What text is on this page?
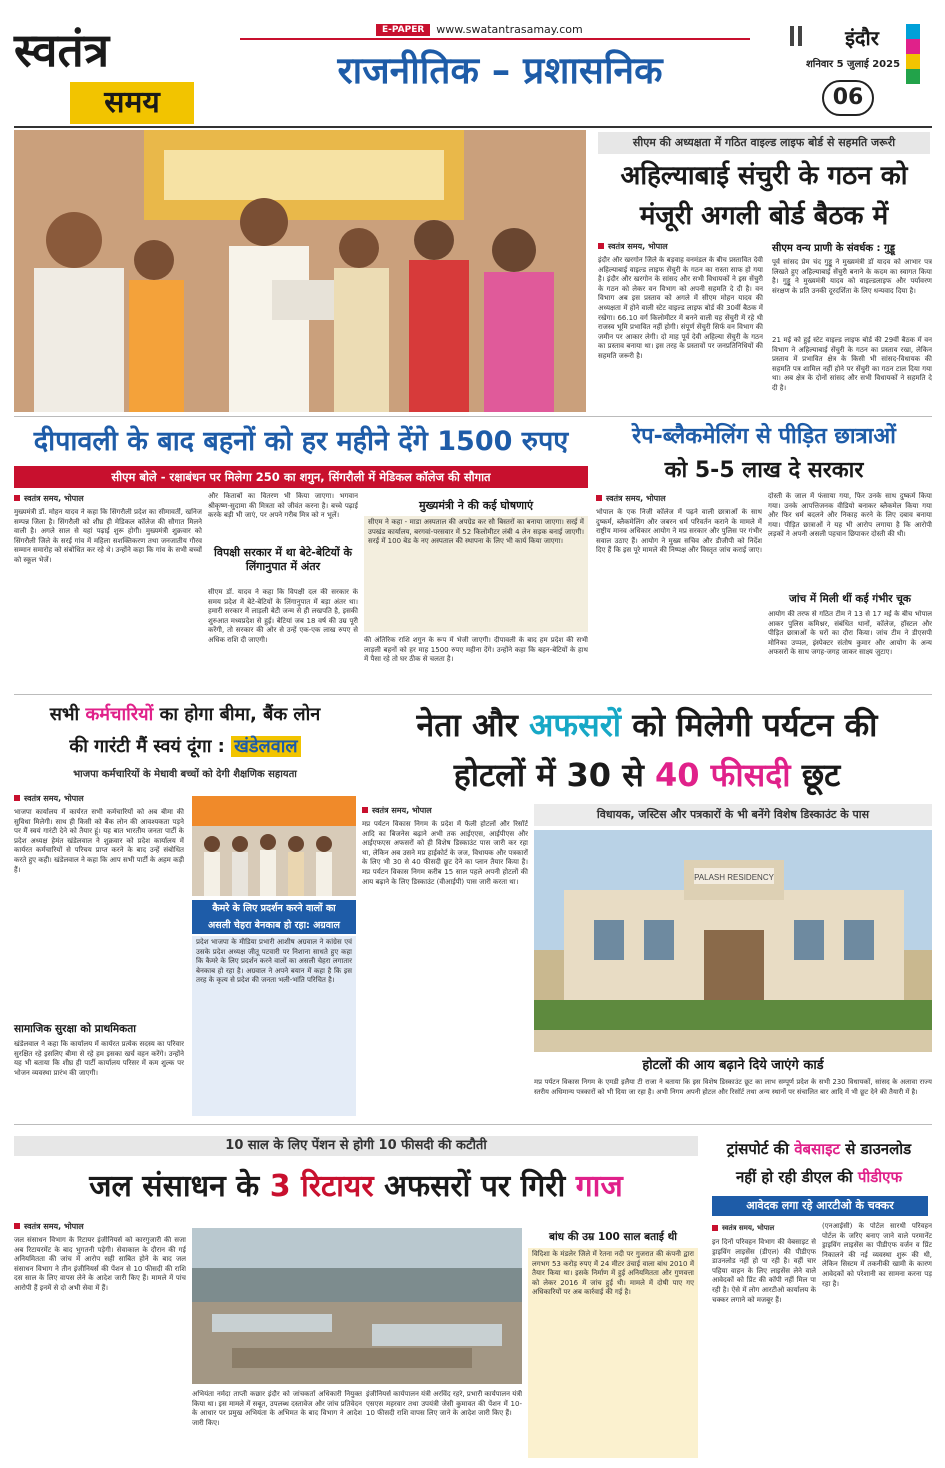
स्वतंत्र
समय
E-PAPER	www.swatantrasamay.com
राजनीतिक – प्रशासनिक
इंदौर
शनिवार 5 जुलाई 2025
06
सीएम की अध्यक्षता में गठित वाइल्ड लाइफ बोर्ड से सहमति जरूरी
अहिल्याबाई संचुरी के गठन को
मंजूरी अगली बोर्ड बैठक में
स्वतंत्र समय, भोपाल
इंदौर और खरगोन जिले के बड़वाह वनमंडल के बीच प्रस्तावित देवी अहिल्याबाई वाइल्ड लाइफ सेंचुरी के गठन का रास्ता साफ हो गया है। इंदौर और खरगोन के सांसद और सभी विधायकों ने इस सेंचुरी के गठन को लेकर वन विभाग को अपनी सहमति दे दी है। वन विभाग अब इस प्रस्ताव को अगले में सीएम मोहन यादव की अध्यक्षता में होने वाली स्टेट वाइल्ड लाइफ बोर्ड की 30वीं बैठक में रखेगा। 66.10 वर्ग किलोमीटर में बनने वाली यह सेंचुरी में रहे थी राजस्व भूमि प्रभावित नहीं होगी। संपूर्ण सेंचुरी सिर्फ वन विभाग की जमीन पर आकार लेगी। दो माह पूर्व देवी अहिल्या सेंचुरी के गठन का प्रस्ताव बनाया था। इस तरह के प्रस्तावों पर जनप्रतिनिधियों की सहमति जरूरी है।
सीएम वन्य प्राणी के संवर्धक : गुड्डू
पूर्व सांसद प्रेम चंद गुड्डू ने मुख्यमंत्री डॉ यादव को आभार पत्र लिखते हुए अहिल्याबाई सेंचुरी बनाने के कदम का स्वागत किया है। गुड्डू ने मुख्यमंत्री यादव को वाइल्डलाइफ और पर्यावरण संरक्षण के प्रति उनकी दूरदर्शिता के लिए धन्यवाद दिया है।
21 मई को हुई स्टेट वाइल्ड लाइफ बोर्ड की 29वीं बैठक में वन विभाग ने अहिल्याबाई सेंचुरी के गठन का प्रस्ताव रखा, लेकिन प्रस्ताव में प्रभावित क्षेत्र के किसी भी सांसद-विधायक की सहमति पत्र शामिल नहीं होने पर सेंचुरी का गठन टाल दिया गया था। अब क्षेत्र के दोनों सांसद और सभी विधायकों ने सहमति दे दी है।
दीपावली के बाद बहनों को हर महीने देंगे 1500 रुपए
सीएम बोले - रक्षाबंधन पर मिलेगा 250 का शगुन, सिंगरौली में मेडिकल कॉलेज की सौगात
स्वतंत्र समय, भोपाल
मुख्यमंत्री डॉ. मोहन यादव ने कहा कि सिंगरौली प्रदेश का सीमावर्ती, खनिज सम्पन्न जिला है। सिंगरौली को शीघ्र ही मेडिकल कॉलेज की सौगात मिलने वाली है। अगले साल से यहां पढ़ाई शुरू होगी। मुख्यमंत्री शुक्रवार को सिंगरौली जिले के सरई गांव में महिला सशक्तिकरण तथा जनजातीय गौरव सम्मान समारोह को संबोधित कर रहे थे। उन्होंने कहा कि गांव के सभी बच्चों को स्कूल भेजें।
और किताबों का वितरण भी किया जाएगा। भगवान श्रीकृष्ण-सुदामा की मित्रता को जीवंत करना है। बच्चे पढ़ाई करके बड़ी भी जाएं, पर अपने गरीब मित्र को न भूलें।
विपक्षी सरकार में था बेटे-बेटियों के लिंगानुपात में अंतर
सीएम डॉ. यादव ने कहा कि विपक्षी दल की सरकार के समय प्रदेश में बेटे-बेटियों के लिंगानुपात में बड़ा अंतर था। हमारी सरकार में लाड़ली बेटी जन्म से ही लखपति है, इसकी शुरुआत मध्यप्रदेश से हुई। बेटियां जब 18 वर्ष की उम्र पूरी करेंगी, तो सरकार की ओर से उन्हें एक-एक लाख रुपए से अधिक राशि दी जाएगी।
मुख्यमंत्री ने की कई घोषणाएं
सीएम ने कहा - माडा अस्पताल की अपग्रेड कर सौ बिस्तरों का बनाया जाएगा। सरई में उपखंड कार्यालय, बरगवां-परसवार में 52 किलोमीटर लंबी 4 लेन सड़क बनाई जाएगी। सरई में 100 बेड के नए अस्पताल की स्थापना के लिए भी कार्य किया जाएगा।
की अंतिरिक राशि शगुन के रूप में भेजी जाएगी। दीपावली के बाद हम प्रदेश की सभी लाड़ली बहनों को हर माह 1500 रुपए महीना देंगे। उन्होंने कहा कि बहन-बेटियों के हाथ में पैसा रहे तो घर ठीक से चलता है।
रेप-ब्लैकमेलिंग से पीड़ित छात्राओं
को 5-5 लाख दे सरकार
स्वतंत्र समय, भोपाल
भोपाल के एक निजी कॉलेज में पढ़ने वाली छात्राओं के साथ दुष्कर्म, ब्लैकमेलिंग और जबरन धर्म परिवर्तन कराने के मामले में राष्ट्रीय मानव अधिकार आयोग ने मप्र सरकार और पुलिस पर गंभीर सवाल उठाए हैं। आयोग ने मुख्य सचिव और डीजीपी को निर्देश दिए हैं कि इस पूरे मामले की निष्पक्ष और विस्तृत जांच कराई जाए।
दोस्ती के जाल में फंसाया गया, फिर उनके साथ दुष्कर्म किया गया। उनके आपत्तिजनक वीडियो बनाकर ब्लैकमेल किया गया और फिर धर्म बदलने और निकाह करने के लिए दबाव बनाया गया। पीड़ित छात्राओं ने यह भी आरोप लगाया है कि आरोपी लड़कों ने अपनी असली पहचान छिपाकर दोस्ती की थी।
जांच में मिली थीं कई गंभीर चूक
आयोग की तरफ से गठित टीम ने 13 से 17 मई के बीच भोपाल आकर पुलिस कमिश्नर, संबंधित थानों, कॉलेज, हॉस्टल और पीड़ित छात्राओं के घरों का दौरा किया। जांच टीम ने डीएसपी मोनिका उप्पल, इंस्पेक्टर संतोष कुमार और आयोग के अन्य अफसरों के साथ जगह-जगह जाकर साक्ष्य जुटाए।
सभी कर्मचारियों का होगा बीमा, बैंक लोन
की गारंटी मैं स्वयं दूंगा : खंडेलवाल
भाजपा कर्मचारियों के मेधावी बच्चों को देगी शैक्षणिक सहायता
स्वतंत्र समय, भोपाल
भाजपा कार्यालय में कार्यरत सभी कर्मचारियों को अब बीमा की सुविधा मिलेगी। साथ ही किसी को बैंक लोन की आवश्यकता पड़ने पर मैं स्वयं गारंटी देने को तैयार हूं। यह बात भारतीय जनता पार्टी के प्रदेश अध्यक्ष हेमंत खंडेलवाल ने शुक्रवार को प्रदेश कार्यालय में कार्यरत कर्मचारियों से परिचय प्राप्त करने के बाद उन्हें संबोधित करते हुए कही। खंडेलवाल ने कहा कि आप सभी पार्टी के अहम कड़ी हैं।
कैमरे के लिए प्रदर्शन करने वालों का
असली चेहरा बेनकाब हो रहा: अग्रवाल
प्रदेश भाजपा के मीडिया प्रभारी आशीष अग्रवाल ने कांग्रेस एवं उसके प्रदेश अध्यक्ष जीतू पटवारी पर निशाना साधते हुए कहा कि कैमरे के लिए प्रदर्शन करने वालों का असली चेहरा लगातार बेनकाब हो रहा है। अग्रवाल ने अपने बयान में कहा है कि इस तरह के कृत्य से प्रदेश की जनता भली-भांति परिचित है।
सामाजिक सुरक्षा को प्राथमिकता
खंडेलवाल ने कहा कि कार्यालय में कार्यरत प्रत्येक सदस्य का परिवार सुरक्षित रहे इसलिए बीमा से रहे हम इसका खर्च वहन करेंगे। उन्होंने यह भी बताया कि शीघ्र ही पार्टी कार्यालय परिसर में कम शुल्क पर भोजन व्यवस्था प्रारंभ की जाएगी।
नेता और अफसरों को मिलेगी पर्यटन की
होटलों में 30 से 40 फीसदी छूट
स्वतंत्र समय, भोपाल	विधायक, जस्टिस और पत्रकारों के भी बनेंगे विशेष डिस्काउंट के पास
मप्र पर्यटन विकास निगम के प्रदेश में फैली होटलों और रिसॉर्ट आदि का बिजनेस बढ़ाने अभी तक आईएएस, आईपीएस और आईएफएस अफसरों को ही विशेष डिस्काउंट पास जारी कर रहा था, लेकिन अब उसने मप्र हाईकोर्ट के जज, विधायक और पत्रकारों के लिए भी 30 से 40 फीसदी छूट देने का प्लान तैयार किया है। मप्र पर्यटन विकास निगम करीब 15 साल पहले अपनी होटलों की आय बढ़ाने के लिए डिस्काउंट (वीआईपी) पास जारी करता था।	PALASH RESIDENCY
होटलों की आय बढ़ाने दिये जाएंगे कार्ड
मप्र पर्यटन विकास निगम के एमडी इलैया टी राजा ने बताया कि इस विशेष डिस्काउंट छूट का लाभ सम्पूर्ण प्रदेश के सभी 230 विधायकों, सांसद के अलावा राज्य स्तरीय अधिमान्य पत्रकारों को भी दिया जा रहा है। अभी निगम अपनी होटल और रिसॉर्ट तथा अन्य स्थानों पर संचालित बार आदि में भी छूट देने की तैयारी में है।
10 साल के लिए पेंशन से होगी 10 फीसदी की कटौती
जल संसाधन के 3 रिटायर अफसरों पर गिरी गाज
स्वतंत्र समय, भोपाल
जल संसाधन विभाग के रिटायर इंजीनियर्स को कारगुजारी की सजा अब रिटायरमेंट के बाद भुगतनी पड़ेगी। सेवाकाल के दौरान की गई अनियमितता की जांच में आरोप सही साबित होने के बाद जल संसाधन विभाग ने तीन इंजीनियर्स की पेंशन से 10 फीसदी की राशि दस साल के लिए वापस लेने के आदेश जारी किए हैं। मामले में पांच आरोपी हैं इनमें से दो अभी सेवा में हैं।
अभियंता नर्मदा ताप्ती कछार इंदौर को जांचकर्ता अधिकारी नियुक्त किया था। इस मामले में सबूत, उपलब्ध दस्तावेज और जांच प्रतिवेदन के आधार पर प्रमुख अभियंता के अभिमत के बाद विभाग ने आदेश जारी किए।
इंजीनियर्स कार्यपालन यंत्री अरविंद रहरे, प्रभारी कार्यपालन यंत्री एसएस महरवार तथा उपयंत्री जेसी कुमावत की पेंशन में 10-10 फीसदी राशि वापस लिए जाने के आदेश जारी किए हैं।
बांध की उम्र 100 साल बताई थी
विदिशा के मंडलेर जिले में रेतना नदी पर गुजरात की कंपनी द्वारा लगभग 53 करोड़ रुपए में 24 मीटर उंचाई वाला बांध 2010 में तैयार किया था। इसके निर्माण में हुई अनियमितता और गुणवत्ता को लेकर 2016 में जांच हुई थी। मामले में दोषी पाए गए अधिकारियों पर अब कार्रवाई की गई है।
ट्रांसपोर्ट की वेबसाइट से डाउनलोड
नहीं हो रही डीएल की पीडीएफ
आवेदक लगा रहे आरटीओ के चक्कर
स्वतंत्र समय, भोपाल
इन दिनों परिवहन विभाग की वेबसाइट से ड्राइविंग लाइसेंस (डीएल) की पीडीएफ डाउनलोड नहीं हो पा रही है। वहीं चार पहिया वाहन के लिए लाइसेंस लेने वाले आवेदकों को प्रिंट की कॉपी नहीं मिल पा रही है। ऐसे में लोग आरटीओ कार्यालय के चक्कर लगाने को मजबूर हैं।
(एनआईसी) के पोर्टल सारथी परिवहन पोर्टल के जरिए बनाए जाने वाले परमानेंट ड्राइविंग लाइसेंस का पीडीएफ वर्जन व प्रिंट निकालने की नई व्यवस्था शुरू की थी, लेकिन सिस्टम में तकनीकी खामी के कारण आवेदकों को परेशानी का सामना करना पड़ रहा है।
